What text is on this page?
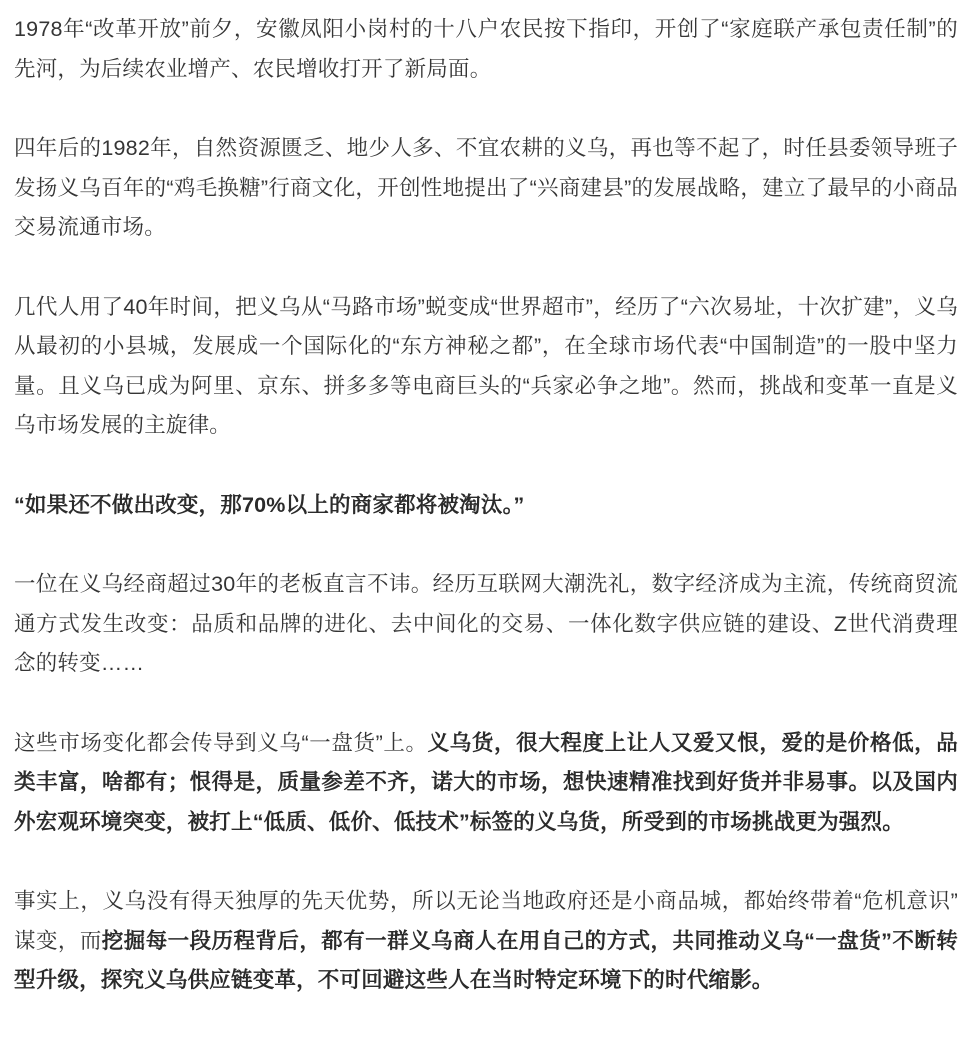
1978年“改革开放”前夕，安徽凤阳小岗村的十八户农民按下指印，开创了“家庭联产承包责任制”的先河，为后续农业增产、农民增收打开了新局面。

四年后的1982年，自然资源匮乏、地少人多、不宜农耕的义乌，再也等不起了，时任县委领导班子发扬义乌百年的“鸡毛换糖”行商文化，开创性地提出了“兴商建县”的发展战略，建立了最早的小商品交易流通市场。

几代人用了40年时间，把义乌从“马路市场”蜕变成“世界超市”，经历了“六次易址，十次扩建”，义乌从最初的小县城，发展成一个国际化的“东方神秘之都”，在全球市场代表“中国制造”的一股中坚力量。且义乌已成为阿里、京东、拼多多等电商巨头的“兵家必争之地”。然而，挑战和变革一直是义乌市场发展的主旋律。

“如果还不做出改变，那70%以上的商家都将被淘汰。”

一位在义乌经商超过30年的老板直言不讳。经历互联网大潮洗礼，数字经济成为主流，传统商贸流通方式发生改变：品质和品牌的进化、去中间化的交易、一体化数字供应链的建设、Z世代消费理念的转变……

这些市场变化都会传导到义乌“一盘货”上。义乌货，很大程度上让人又爱又恨，爱的是价格低，品类丰富，啥都有；恨得是，质量参差不齐，诺大的市场，想快速精准找到好货并非易事。以及国内外宏观环境突变，被打上“低质、低价、低技术”标签的义乌货，所受到的市场挑战更为强烈。

事实上，义乌没有得天独厚的先天优势，所以无论当地政府还是小商品城，都始终带着“危机意识”谋变，而挖掘每一段历程背后，都有一群义乌商人在用自己的方式，共同推动义乌“一盘货”不断转型升级，探究义乌供应链变革，不可回避这些人在当时特定环境下的时代缩影。
